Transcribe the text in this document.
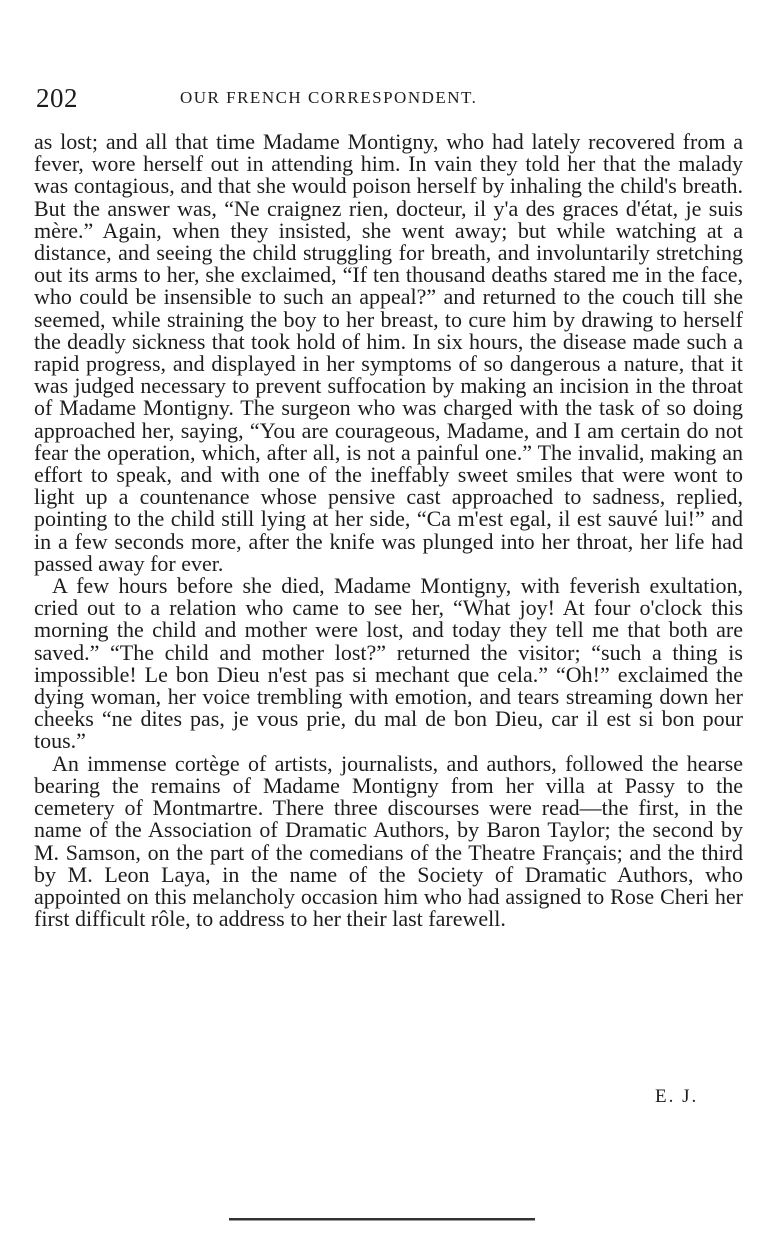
202	OUR FRENCH CORRESPONDENT.

as lost; and all that time Madame Montigny, who had lately recovered from a fever, wore herself out in attending him. In vain they told her that the malady was contagious, and that she would poison herself by inhaling the child's breath. But the answer was, “Ne craignez rien, docteur, il y'a des graces d'état, je suis mère.” Again, when they insisted, she went away; but while watching at a distance, and seeing the child struggling for breath, and involuntarily stretching out its arms to her, she exclaimed, “If ten thousand deaths stared me in the face, who could be insensible to such an appeal?” and returned to the couch till she seemed, while straining the boy to her breast, to cure him by drawing to herself the deadly sickness that took hold of him. In six hours, the disease made such a rapid progress, and displayed in her symptoms of so dangerous a nature, that it was judged necessary to prevent suffocation by making an incision in the throat of Madame Montigny. The surgeon who was charged with the task of so doing approached her, saying, “You are courageous, Madame, and I am certain do not fear the operation, which, after all, is not a painful one.” The invalid, making an effort to speak, and with one of the ineffably sweet smiles that were wont to light up a countenance whose pensive cast approached to sadness, replied, pointing to the child still lying at her side, “Ca m'est egal, il est sauvé lui!” and in a few seconds more, after the knife was plunged into her throat, her life had passed away for ever.

A few hours before she died, Madame Montigny, with feverish exultation, cried out to a relation who came to see her, “What joy! At four o'clock this morning the child and mother were lost, and today they tell me that both are saved.” “The child and mother lost?” returned the visitor; “such a thing is impossible! Le bon Dieu n'est pas si mechant que cela.” “Oh!” exclaimed the dying woman, her voice trembling with emotion, and tears streaming down her cheeks “ne dites pas, je vous prie, du mal de bon Dieu, car il est si bon pour tous.”

An immense cortège of artists, journalists, and authors, followed the hearse bearing the remains of Madame Montigny from her villa at Passy to the cemetery of Montmartre. There three discourses were read—the first, in the name of the Association of Dramatic Authors, by Baron Taylor; the second by M. Samson, on the part of the comedians of the Theatre Français; and the third by M. Leon Laya, in the name of the Society of Dramatic Authors, who appointed on this melancholy occasion him who had assigned to Rose Cheri her first difficult rôle, to address to her their last farewell.

E. J.
